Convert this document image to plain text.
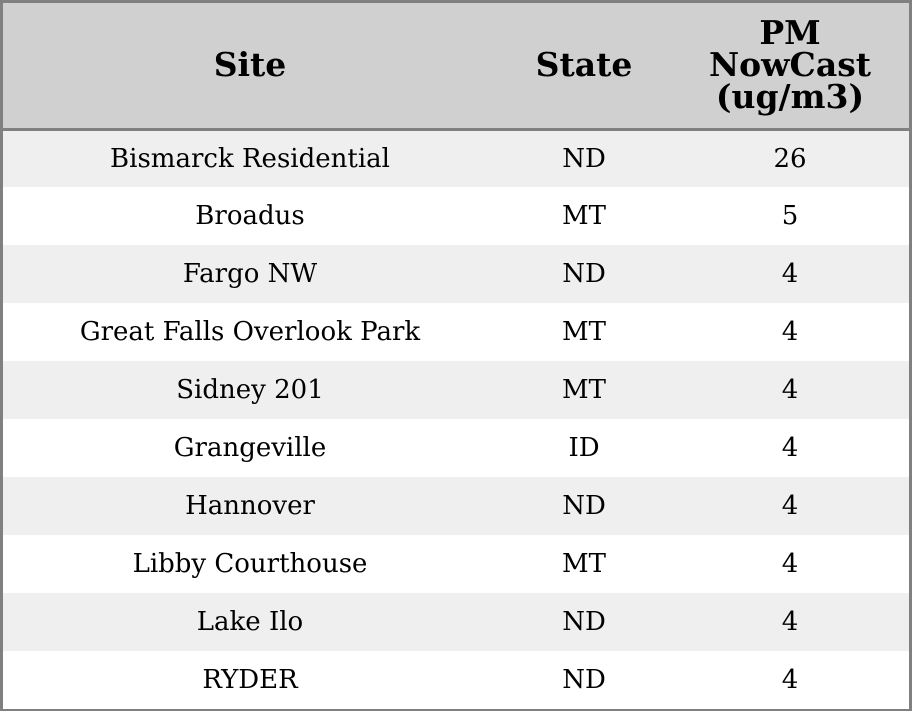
Site	State	PM
NowCast
(ug/m3)

Bismarck Residential	ND	26
Broadus	MT	5
Fargo NW	ND	4
Great Falls Overlook Park	MT	4
Sidney 201	MT	4
Grangeville	ID	4
Hannover	ND	4
Libby Courthouse	MT	4
Lake Ilo	ND	4
RYDER	ND	4
